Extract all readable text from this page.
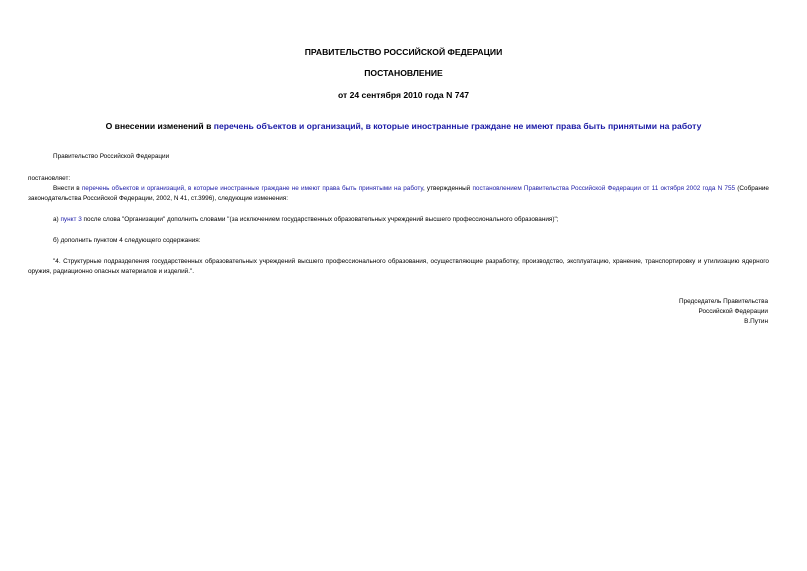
ПРАВИТЕЛЬСТВО РОССИЙСКОЙ ФЕДЕРАЦИИ
ПОСТАНОВЛЕНИЕ
от 24 сентября 2010 года N 747
О внесении изменений в перечень объектов и организаций, в которые иностранные граждане не имеют права быть принятыми на работу
Правительство Российской Федерации
постановляет:
Внести в перечень объектов и организаций, в которые иностранные граждане не имеют права быть принятыми на работу, утвержденный постановлением Правительства Российской Федерации от 11 октября 2002 года N 755 (Собрание законодательства Российской Федерации, 2002, N 41, ст.3996), следующие изменения:
а) пункт 3 после слова "Организации" дополнить словами "(за исключением государственных образовательных учреждений высшего профессионального образования)";
б) дополнить пунктом 4 следующего содержания:
"4. Структурные подразделения государственных образовательных учреждений высшего профессионального образования, осуществляющие разработку, производство, эксплуатацию, хранение, транспортировку и утилизацию ядерного оружия, радиационно опасных материалов и изделий.".
Председатель Правительства
Российской Федерации
В.Путин
